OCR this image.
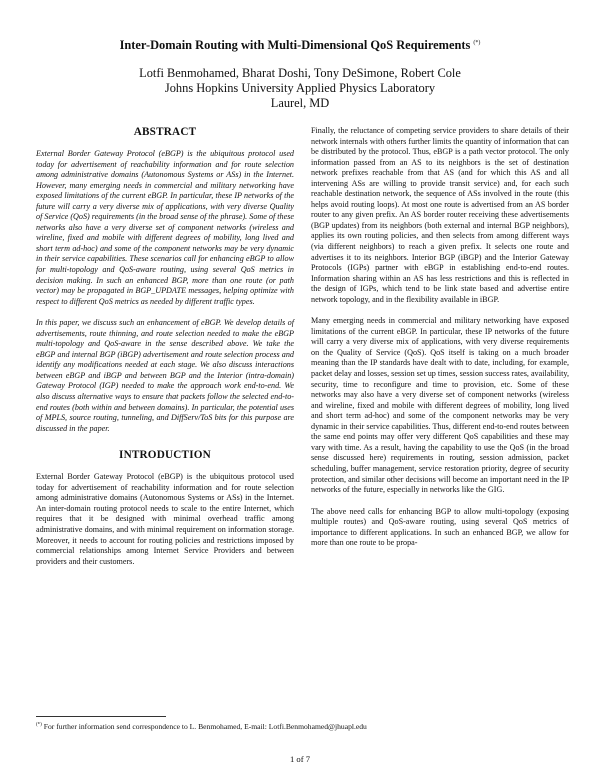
Inter-Domain Routing with Multi-Dimensional QoS Requirements (*)
Lotfi Benmohamed, Bharat Doshi, Tony DeSimone, Robert Cole
Johns Hopkins University Applied Physics Laboratory
Laurel, MD
ABSTRACT

External Border Gateway Protocol (eBGP) is the ubiquitous protocol used today for advertisement of reachability information and for route selection among administrative domains (Autonomous Systems or ASs) in the Internet. However, many emerging needs in commercial and military networking have exposed limitations of the current eBGP. In particular, these IP networks of the future will carry a very diverse mix of applications, with very diverse Quality of Service (QoS) requirements (in the broad sense of the phrase). Some of these networks also have a very diverse set of component networks (wireless and wireline, fixed and mobile with different degrees of mobility, long lived and short term ad-hoc) and some of the component networks may be very dynamic in their service capabilities. These scenarios call for enhancing eBGP to allow for multi-topology and QoS-aware routing, using several QoS metrics in decision making. In such an enhanced BGP, more than one route (or path vector) may be propagated in BGP_UPDATE messages, helping optimize with respect to different QoS metrics as needed by different traffic types.

In this paper, we discuss such an enhancement of eBGP. We develop details of advertisements, route thinning, and route selection needed to make the eBGP multi-topology and QoS-aware in the sense described above. We take the eBGP and internal BGP (iBGP) advertisement and route selection process and identify any modifications needed at each stage. We also discuss interactions between eBGP and iBGP and between BGP and the Interior (intra-domain) Gateway Protocol (IGP) needed to make the approach work end-to-end. We also discuss alternative ways to ensure that packets follow the selected end-to-end routes (both within and between domains). In particular, the potential uses of MPLS, source routing, tunneling, and DiffServ/ToS bits for this purpose are discussed in the paper.

INTRODUCTION

External Border Gateway Protocol (eBGP) is the ubiquitous protocol used today for advertisement of reachability information and for route selection among administrative domains (Autonomous Systems or ASs) in the Internet. An inter-domain routing protocol needs to scale to the entire Internet, which requires that it be designed with minimal overhead traffic among administrative domains, and with minimal requirement on information storage. Moreover, it needs to account for routing policies and restrictions imposed by commercial relationships among Internet Service Providers and between providers and their customers.

Finally, the reluctance of competing service providers to share details of their network internals with others further limits the quantity of information that can be distributed by the protocol. Thus, eBGP is a path vector protocol. The only information passed from an AS to its neighbors is the set of destination network prefixes reachable from that AS (and for which this AS and all intervening ASs are willing to provide transit service) and, for each such reachable destination network, the sequence of ASs involved in the route (this helps avoid routing loops). At most one route is advertised from an AS border router to any given prefix. An AS border router receiving these advertisements (BGP updates) from its neighbors (both external and internal BGP neighbors), applies its own routing policies, and then selects from among different ways (via different neighbors) to reach a given prefix. It selects one route and advertises it to its neighbors. Interior BGP (iBGP) and the Interior Gateway Protocols (IGPs) partner with eBGP in establishing end-to-end routes. Information sharing within an AS has less restrictions and this is reflected in the design of IGPs, which tend to be link state based and advertise entire network topology, and in the flexibility available in iBGP.

Many emerging needs in commercial and military networking have exposed limitations of the current eBGP. In particular, these IP networks of the future will carry a very diverse mix of applications, with very diverse requirements on the Quality of Service (QoS). QoS itself is taking on a much broader meaning than the IP standards have dealt with to date, including, for example, packet delay and losses, session set up times, session success rates, availability, security, time to reconfigure and time to provision, etc. Some of these networks may also have a very diverse set of component networks (wireless and wireline, fixed and mobile with different degrees of mobility, long lived and short term ad-hoc) and some of the component networks may be very dynamic in their service capabilities. Thus, different end-to-end routes between the same end points may offer very different QoS capabilities and these may vary with time. As a result, having the capability to use the QoS (in the broad sense discussed here) requirements in routing, session admission, packet scheduling, buffer management, service restoration priority, degree of security protection, and similar other decisions will become an important need in the IP networks of the future, especially in networks like the GIG.

The above need calls for enhancing BGP to allow multi-topology (exposing multiple routes) and QoS-aware routing, using several QoS metrics of importance to different applications. In such an enhanced BGP, we allow for more than one route to be propa-

(*) For further information send correspondence to L. Benmohamed, E-mail: Lotfi.Benmohamed@jhuapl.edu
1 of 7
